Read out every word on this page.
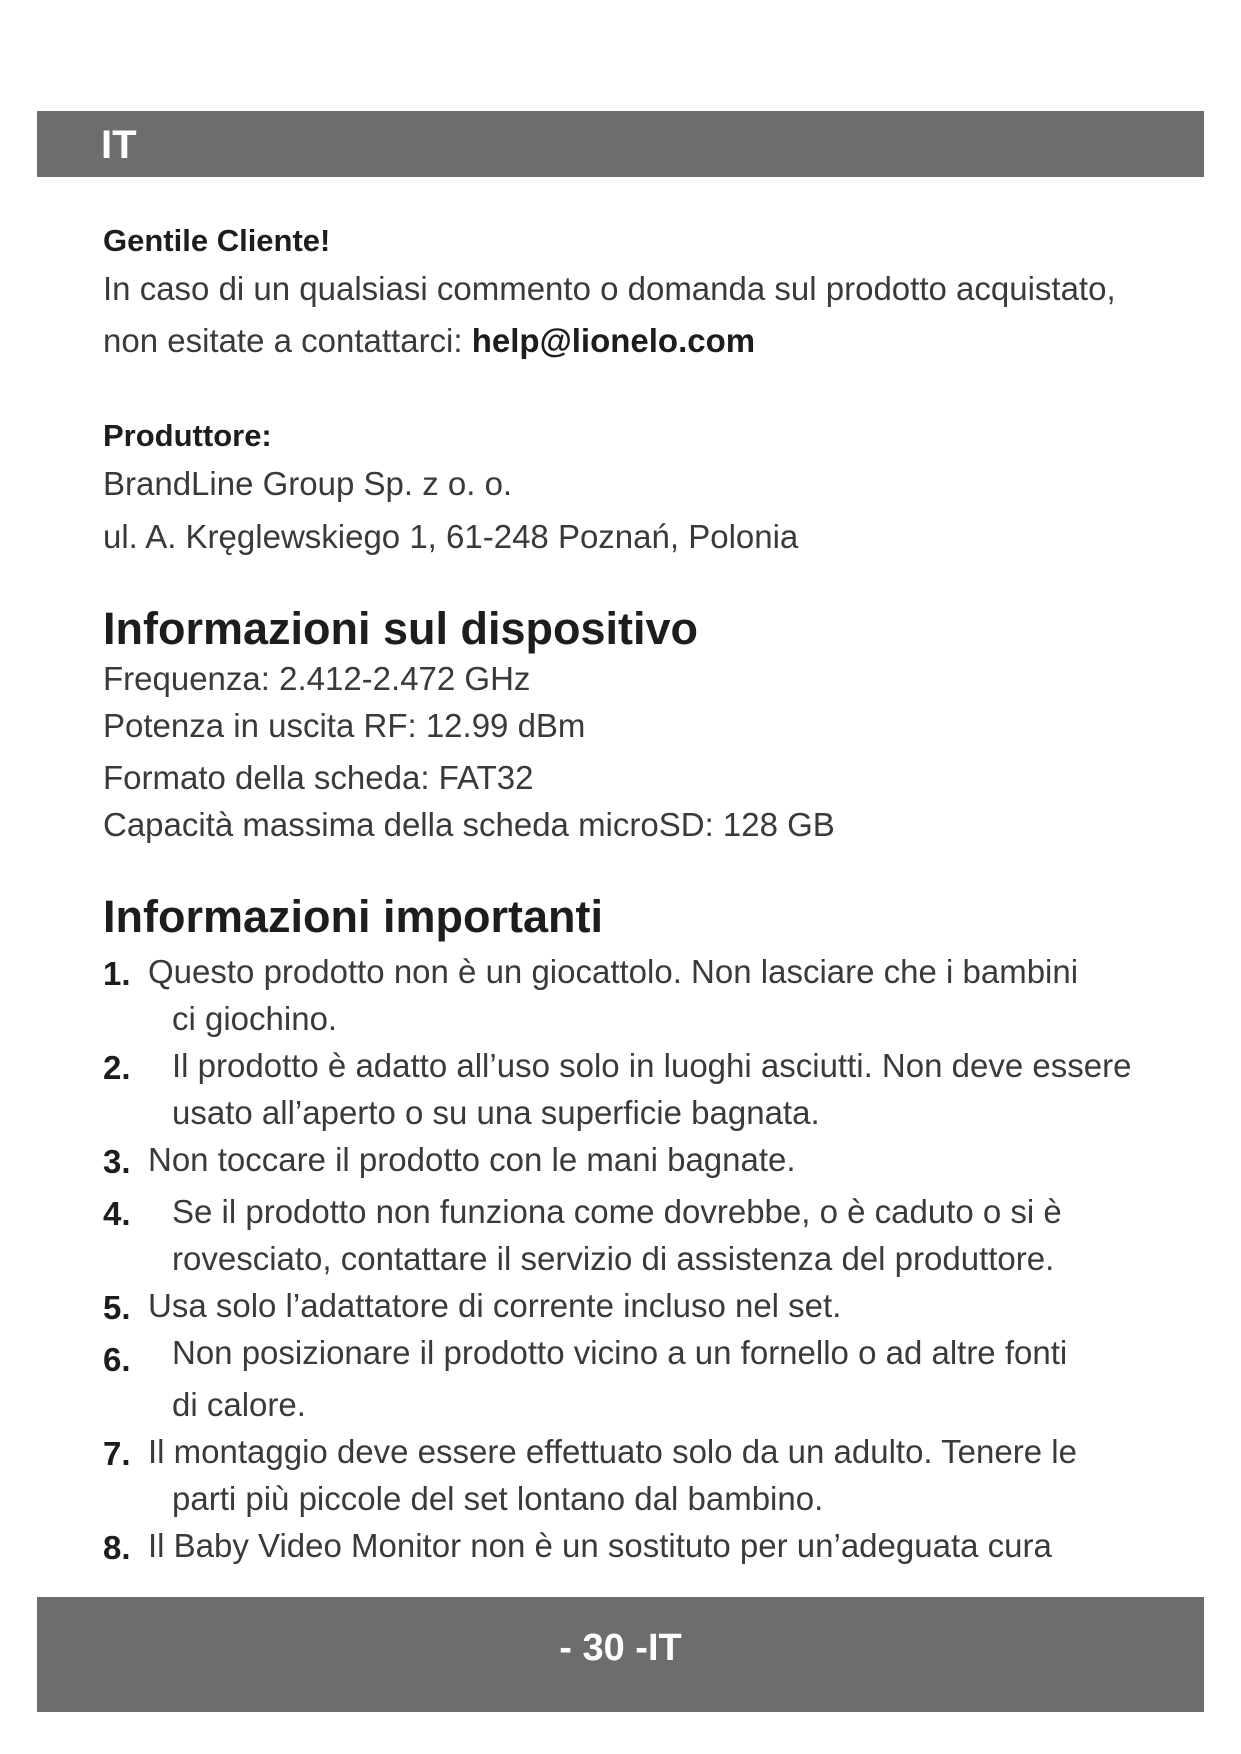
IT
Gentile Cliente!
In caso di un qualsiasi commento o domanda sul prodotto acquistato,
non esitate a contattarci: help@lionelo.com
Produttore:
BrandLine Group Sp. z o. o.
ul. A. Kręglewskiego 1, 61-248 Poznań, Polonia
Informazioni sul dispositivo
Frequenza: 2.412-2.472 GHz
Potenza in uscita RF: 12.99 dBm
Formato della scheda: FAT32
Capacità massima della scheda microSD: 128 GB
Informazioni importanti
1. Questo prodotto non è un giocattolo. Non lasciare che i bambini
ci giochino.
2. Il prodotto è adatto all’uso solo in luoghi asciutti. Non deve essere
usato all’aperto o su una superficie bagnata.
3. Non toccare il prodotto con le mani bagnate.
4. Se il prodotto non funziona come dovrebbe, o è caduto o si è
rovesciato, contattare il servizio di assistenza del produttore.
5. Usa solo l’adattatore di corrente incluso nel set.
6. Non posizionare il prodotto vicino a un fornello o ad altre fonti
di calore.
7. Il montaggio deve essere effettuato solo da un adulto. Tenere le
parti più piccole del set lontano dal bambino.
8. Il Baby Video Monitor non è un sostituto per un’adeguata cura
- 30 -IT
